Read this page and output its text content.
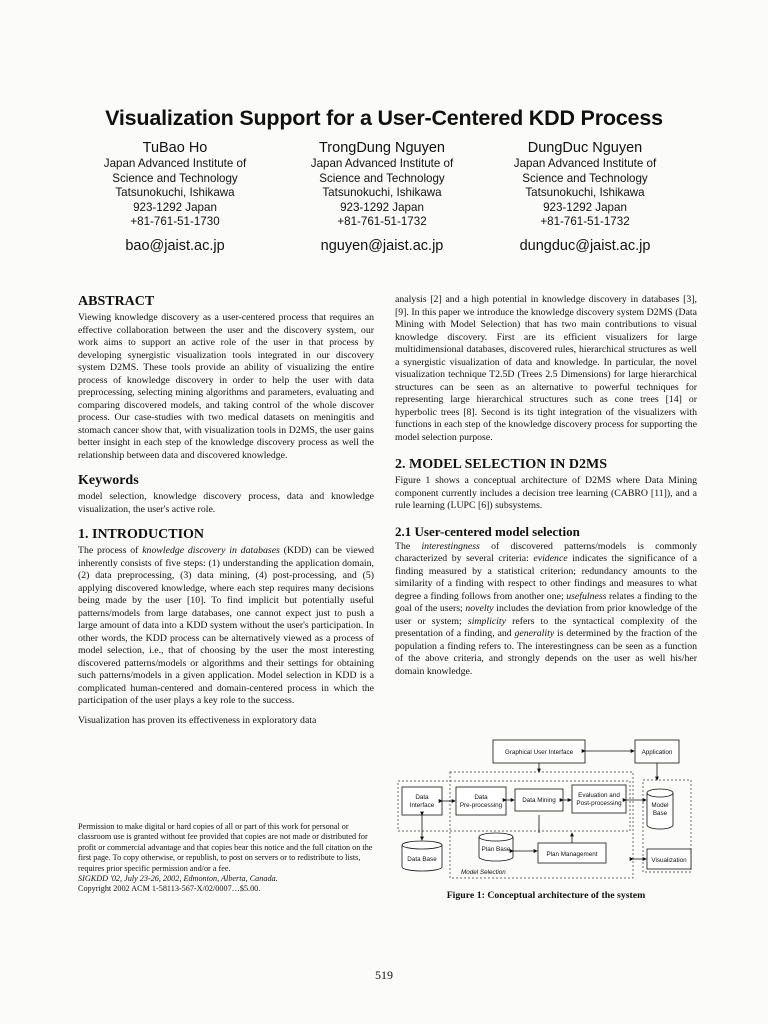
Visualization Support for a User-Centered KDD Process
TuBao Ho
Japan Advanced Institute of
Science and Technology
Tatsunokuchi, Ishikawa
923-1292 Japan
+81-761-51-1730
bao@jaist.ac.jp
TrongDung Nguyen
Japan Advanced Institute of
Science and Technology
Tatsunokuchi, Ishikawa
923-1292 Japan
+81-761-51-1732
nguyen@jaist.ac.jp
DungDuc Nguyen
Japan Advanced Institute of
Science and Technology
Tatsunokuchi, Ishikawa
923-1292 Japan
+81-761-51-1732
dungduc@jaist.ac.jp
ABSTRACT

Viewing knowledge discovery as a user-centered process that requires an effective collaboration between the user and the discovery system, our work aims to support an active role of the user in that process by developing synergistic visualization tools integrated in our discovery system D2MS. These tools provide an ability of visualizing the entire process of knowledge discovery in order to help the user with data preprocessing, selecting mining algorithms and parameters, evaluating and comparing discovered models, and taking control of the whole discover process. Our case-studies with two medical datasets on meningitis and stomach cancer show that, with visualization tools in D2MS, the user gains better insight in each step of the knowledge discovery process as well the relationship between data and discovered knowledge.

Keywords

model selection, knowledge discovery process, data and knowledge visualization, the user's active role.

1. INTRODUCTION

The process of knowledge discovery in databases (KDD) can be viewed inherently consists of five steps: (1) understanding the application domain, (2) data preprocessing, (3) data mining, (4) post-processing, and (5) applying discovered knowledge, where each step requires many decisions being made by the user [10]. To find implicit but potentially useful patterns/models from large databases, one cannot expect just to push a large amount of data into a KDD system without the user's participation. In other words, the KDD process can be alternatively viewed as a process of model selection, i.e., that of choosing by the user the most interesting discovered patterns/models or algorithms and their settings for obtaining such patterns/models in a given application. Model selection in KDD is a complicated human-centered and domain-centered process in which the participation of the user plays a key role to the success.

Visualization has proven its effectiveness in exploratory data

Permission to make digital or hard copies of all or part of this work for personal or classroom use is granted without fee provided that copies are not made or distributed for profit or commercial advantage and that copies bear this notice and the full citation on the first page. To copy otherwise, or republish, to post on servers or to redistribute to lists, requires prior specific permission and/or a fee.

SIGKDD '02, July 23-26, 2002, Edmonton, Alberta, Canada.

Copyright 2002 ACM 1-58113-567-X/02/0007…$5.00.

analysis [2] and a high potential in knowledge discovery in databases [3], [9]. In this paper we introduce the knowledge discovery system D2MS (Data Mining with Model Selection) that has two main contributions to visual knowledge discovery. First are its efficient visualizers for large multidimensional databases, discovered rules, hierarchical structures as well a synergistic visualization of data and knowledge. In particular, the novel visualization technique T2.5D (Trees 2.5 Dimensions) for large hierarchical structures can be seen as an alternative to powerful techniques for representing large hierarchical structures such as cone trees [14] or hyperbolic trees [8]. Second is its tight integration of the visualizers with functions in each step of the knowledge discovery process for supporting the model selection purpose.

2. MODEL SELECTION IN D2MS

Figure 1 shows a conceptual architecture of D2MS where Data Mining component currently includes a decision tree learning (CABRO [11]), and a rule learning (LUPC [6]) subsystems.

2.1 User-centered model selection

The interestingness of discovered patterns/models is commonly characterized by several criteria: evidence indicates the significance of a finding measured by a statistical criterion; redundancy amounts to the similarity of a finding with respect to other findings and measures to what degree a finding follows from another one; usefulness relates a finding to the goal of the users; novelty includes the deviation from prior knowledge of the user or system; simplicity refers to the syntactical complexity of the presentation of a finding, and generality is determined by the fraction of the population a finding refers to. The interestingness can be seen as a function of the above criteria, and strongly depends on the user as well his/her domain knowledge.

Graphical User Interface	Application
Data
Interface
Data
Pre-processing
Data Mining
Evaluation and
Post-processing	Model
Base
Data Base
Plan Base
Plan Management
Visualization
Model Selection
Figure 1: Conceptual architecture of the system
519
